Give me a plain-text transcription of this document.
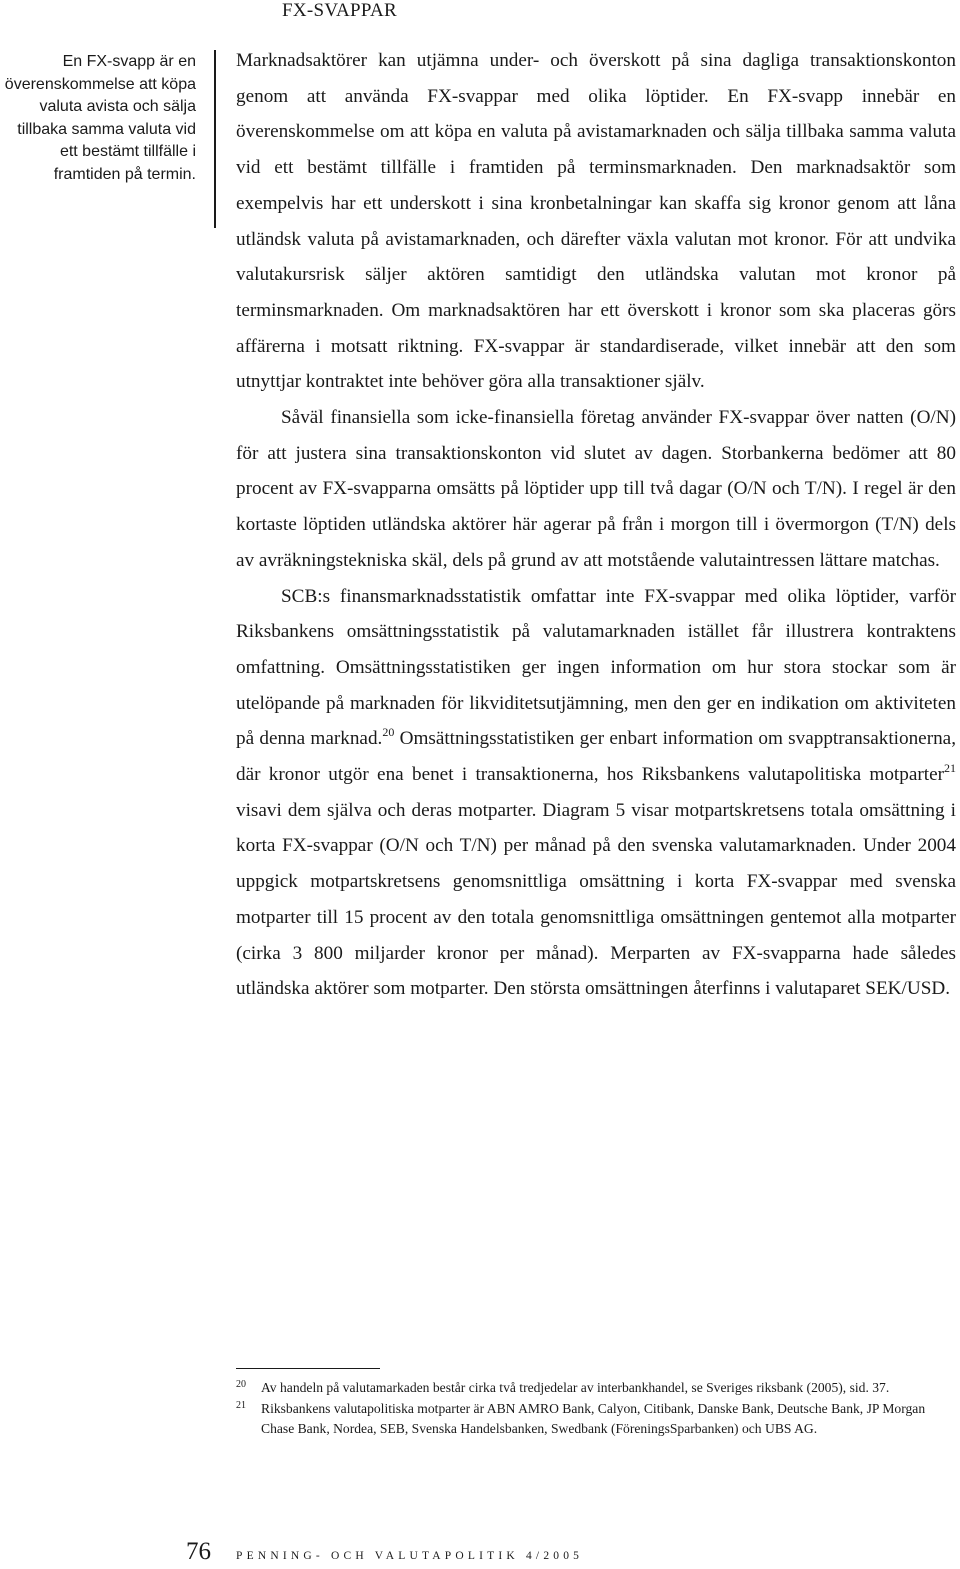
FX-SVAPPAR
En FX-svapp är en överenskommelse att köpa valuta avista och sälja tillbaka samma valuta vid ett bestämt tillfälle i framtiden på termin.

Marknadsaktörer kan utjämna under- och överskott på sina dagliga transaktionskonton genom att använda FX-svappar med olika löptider. En FX-svapp innebär en överenskommelse om att köpa en valuta på avistamarknaden och sälja tillbaka samma valuta vid ett bestämt tillfälle i framtiden på terminsmarknaden. Den marknadsaktör som exempelvis har ett underskott i sina kronbetalningar kan skaffa sig kronor genom att låna utländsk valuta på avistamarknaden, och därefter växla valutan mot kronor. För att undvika valutakursrisk säljer aktören samtidigt den utländska valutan mot kronor på terminsmarknaden. Om marknadsaktören har ett överskott i kronor som ska placeras görs affärerna i motsatt riktning. FX-svappar är standardiserade, vilket innebär att den som utnyttjar kontraktet inte behöver göra alla transaktioner själv.

Såväl finansiella som icke-finansiella företag använder FX-svappar över natten (O/N) för att justera sina transaktionskonton vid slutet av dagen. Storbankerna bedömer att 80 procent av FX-svapparna omsätts på löptider upp till två dagar (O/N och T/N). I regel är den kortaste löptiden utländska aktörer här agerar på från i morgon till i övermorgon (T/N) dels av avräkningstekniska skäl, dels på grund av att motstående valutaintressen lättare matchas.

SCB:s finansmarknadsstatistik omfattar inte FX-svappar med olika löptider, varför Riksbankens omsättningsstatistik på valutamarknaden istället får illustrera kontraktens omfattning. Omsättningsstatistiken ger ingen information om hur stora stockar som är utelöpande på marknaden för likviditetsutjämning, men den ger en indikation om aktiviteten på denna marknad.$^{20}$ Omsättningsstatistiken ger enbart information om svapptransaktionerna, där kronor utgör ena benet i transaktionerna, hos Riksbankens valutapolitiska motparter$^{21}$ visavi dem själva och deras motparter. Diagram 5 visar motpartskretsens totala omsättning i korta FX-svappar (O/N och T/N) per månad på den svenska valutamarknaden. Under 2004 uppgick motpartskretsens genomsnittliga omsättning i korta FX-svappar med svenska motparter till 15 procent av den totala genomsnittliga omsättningen gentemot alla motparter (cirka 3 800 miljarder kronor per månad). Merparten av FX-svapparna hade således utländska aktörer som motparter. Den största omsättningen återfinns i valutaparet SEK/USD.

20	Av handeln på valutamarkaden består cirka två tredjedelar av interbankhandel, se Sveriges riksbank (2005), sid. 37.
21	Riksbankens valutapolitiska motparter är ABN AMRO Bank, Calyon, Citibank, Danske Bank, Deutsche Bank, JP Morgan Chase Bank, Nordea, SEB, Svenska Handelsbanken, Swedbank (FöreningsSparbanken) och UBS AG.
76 PENNING- OCH VALUTAPOLITIK 4/2005
